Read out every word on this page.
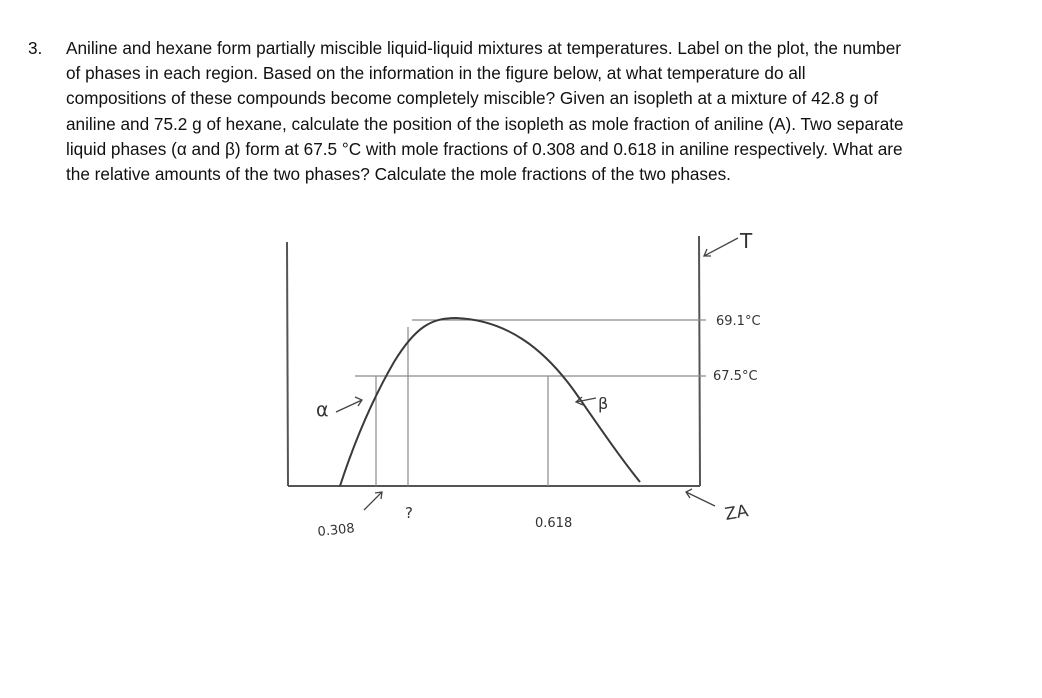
3.	Aniline and hexane form partially miscible liquid-liquid mixtures at temperatures. Label on the plot, the number
of phases in each region. Based on the information in the figure below, at what temperature do all
compositions of these compounds become completely miscible? Given an isopleth at a mixture of 42.8 g of
aniline and 75.2 g of hexane, calculate the position of the isopleth as mole fraction of aniline (A). Two separate
liquid phases (α and β) form at 67.5 °C with mole fractions of 0.308 and 0.618 in aniline respectively. What are
the relative amounts of the two phases? Calculate the mole fractions of the two phases.
T
69.1°C
67.5°C
α	β
0.308
?
0.618	ZA
